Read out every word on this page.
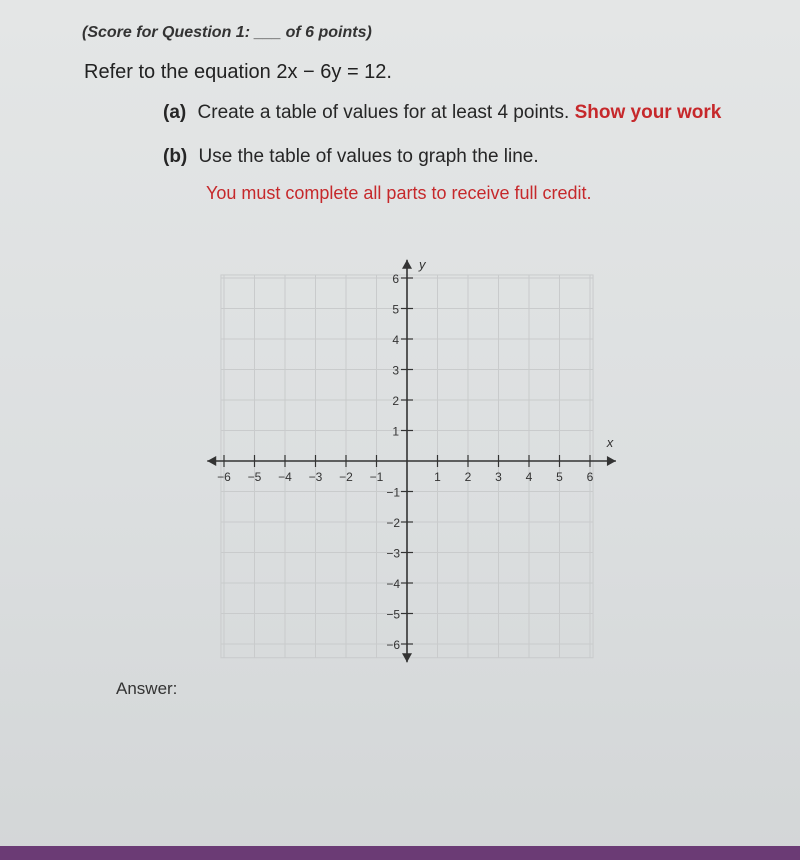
(Score for Question 1: ___ of 6 points)
Refer to the equation 2x − 6y = 12.
(a) Create a table of values for at least 4 points. Show your work
(b) Use the table of values to graph the line.
You must complete all parts to receive full credit.
x
y
−6 −5 −4 −3 −2 −1	1 2 3 4 5 6
1
−1
2
−2
3
−3
4
−4
5
−5
6
−6
Answer:
